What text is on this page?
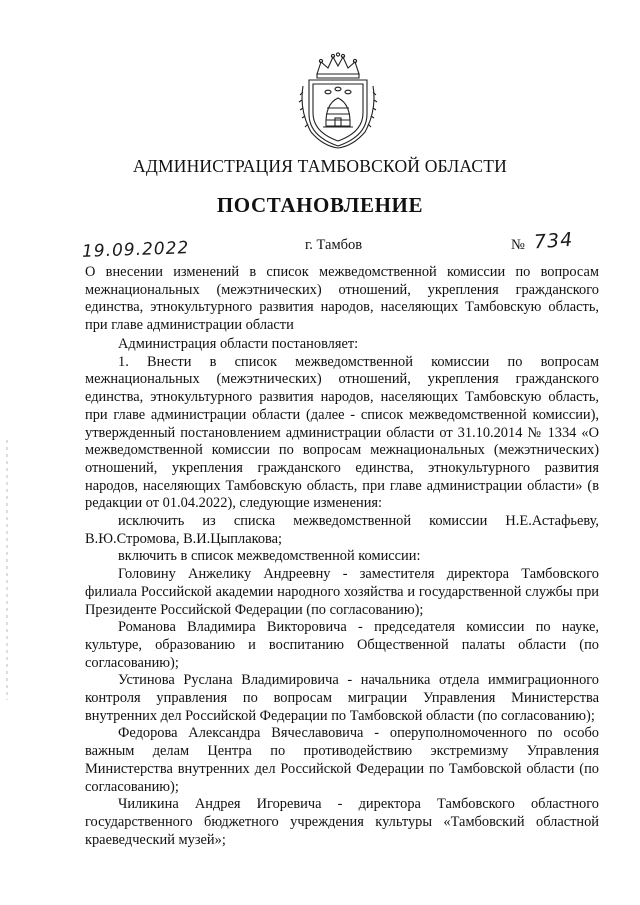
АДМИНИСТРАЦИЯ ТАМБОВСКОЙ ОБЛАСТИ
ПОСТАНОВЛЕНИЕ
19.09.2022	г. Тамбов	№ 734
О внесении изменений в список межведомственной комиссии по вопросам межнациональных (межэтнических) отношений, укрепления гражданского единства, этнокультурного развития народов, населяющих Тамбовскую область, при главе администрации области

Администрация области постановляет:

1. Внести в список межведомственной комиссии по вопросам межнациональных (межэтнических) отношений, укрепления гражданского единства, этнокультурного развития народов, населяющих Тамбовскую область, при главе администрации области (далее - список межведомственной комиссии), утвержденный постановлением администрации области от 31.10.2014 № 1334 «О межведомственной комиссии по вопросам межнациональных (межэтнических) отношений, укрепления гражданского единства, этнокультурного развития народов, населяющих Тамбовскую область, при главе администрации области» (в редакции от 01.04.2022), следующие изменения:

исключить из списка межведомственной комиссии Н.Е.Астафьеву, В.Ю.Стромова, В.И.Цыплакова;

включить в список межведомственной комиссии:

Головину Анжелику Андреевну - заместителя директора Тамбовского филиала Российской академии народного хозяйства и государственной службы при Президенте Российской Федерации (по согласованию);

Романова Владимира Викторовича - председателя комиссии по науке, культуре, образованию и воспитанию Общественной палаты области (по согласованию);

Устинова Руслана Владимировича - начальника отдела иммиграционного контроля управления по вопросам миграции Управления Министерства внутренних дел Российской Федерации по Тамбовской области (по согласованию);

Федорова Александра Вячеславовича - оперуполномоченного по особо важным делам Центра по противодействию экстремизму Управления Министерства внутренних дел Российской Федерации по Тамбовской области (по согласованию);

Чиликина Андрея Игоревича - директора Тамбовского областного государственного бюджетного учреждения культуры «Тамбовский областной краеведческий музей»;
